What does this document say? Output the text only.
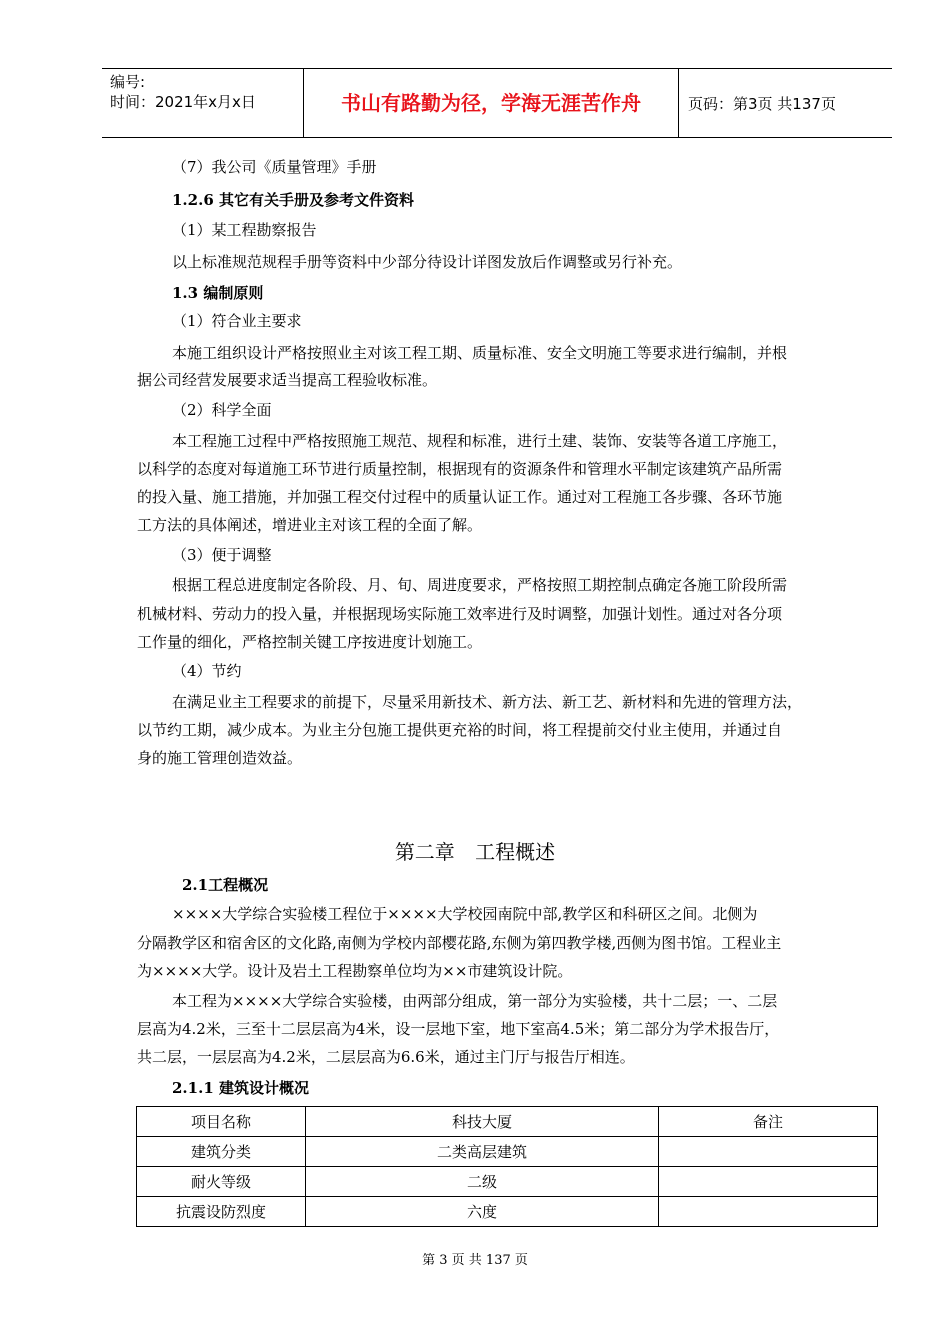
编号:
时间：2021年x月x日	书山有路勤为径，学海无涯苦作舟	页码：第3页 共137页
（7）我公司《质量管理》手册
1.2.6 其它有关手册及参考文件资料
（1）某工程勘察报告
以上标准规范规程手册等资料中少部分待设计详图发放后作调整或另行补充。
1.3 编制原则
（1）符合业主要求
本施工组织设计严格按照业主对该工程工期、质量标准、安全文明施工等要求进行编制，并根
据公司经营发展要求适当提高工程验收标准。
（2）科学全面
本工程施工过程中严格按照施工规范、规程和标准，进行土建、装饰、安装等各道工序施工，
以科学的态度对每道施工环节进行质量控制，根据现有的资源条件和管理水平制定该建筑产品所需
的投入量、施工措施，并加强工程交付过程中的质量认证工作。通过对工程施工各步骤、各环节施
工方法的具体阐述，增进业主对该工程的全面了解。
（3）便于调整
根据工程总进度制定各阶段、月、旬、周进度要求，严格按照工期控制点确定各施工阶段所需
机械材料、劳动力的投入量，并根据现场实际施工效率进行及时调整，加强计划性。通过对各分项
工作量的细化，严格控制关键工序按进度计划施工。
（4）节约
在满足业主工程要求的前提下，尽量采用新技术、新方法、新工艺、新材料和先进的管理方法，
以节约工期，减少成本。为业主分包施工提供更充裕的时间，将工程提前交付业主使用，并通过自
身的施工管理创造效益。
第二章 工程概述
2.1工程概况
××××大学综合实验楼工程位于××××大学校园南院中部,教学区和科研区之间。北侧为
分隔教学区和宿舍区的文化路,南侧为学校内部樱花路,东侧为第四教学楼,西侧为图书馆。工程业主
为××××大学。设计及岩土工程勘察单位均为××市建筑设计院。
本工程为××××大学综合实验楼，由两部分组成，第一部分为实验楼，共十二层；一、二层
层高为4.2米，三至十二层层高为4米，设一层地下室，地下室高4.5米；第二部分为学术报告厅，
共二层，一层层高为4.2米，二层层高为6.6米，通过主门厅与报告厅相连。
2.1.1 建筑设计概况
项目名称	科技大厦	备注
建筑分类	二类高层建筑	
耐火等级	二级	
抗震设防烈度	六度	
第 3 页 共 137 页
